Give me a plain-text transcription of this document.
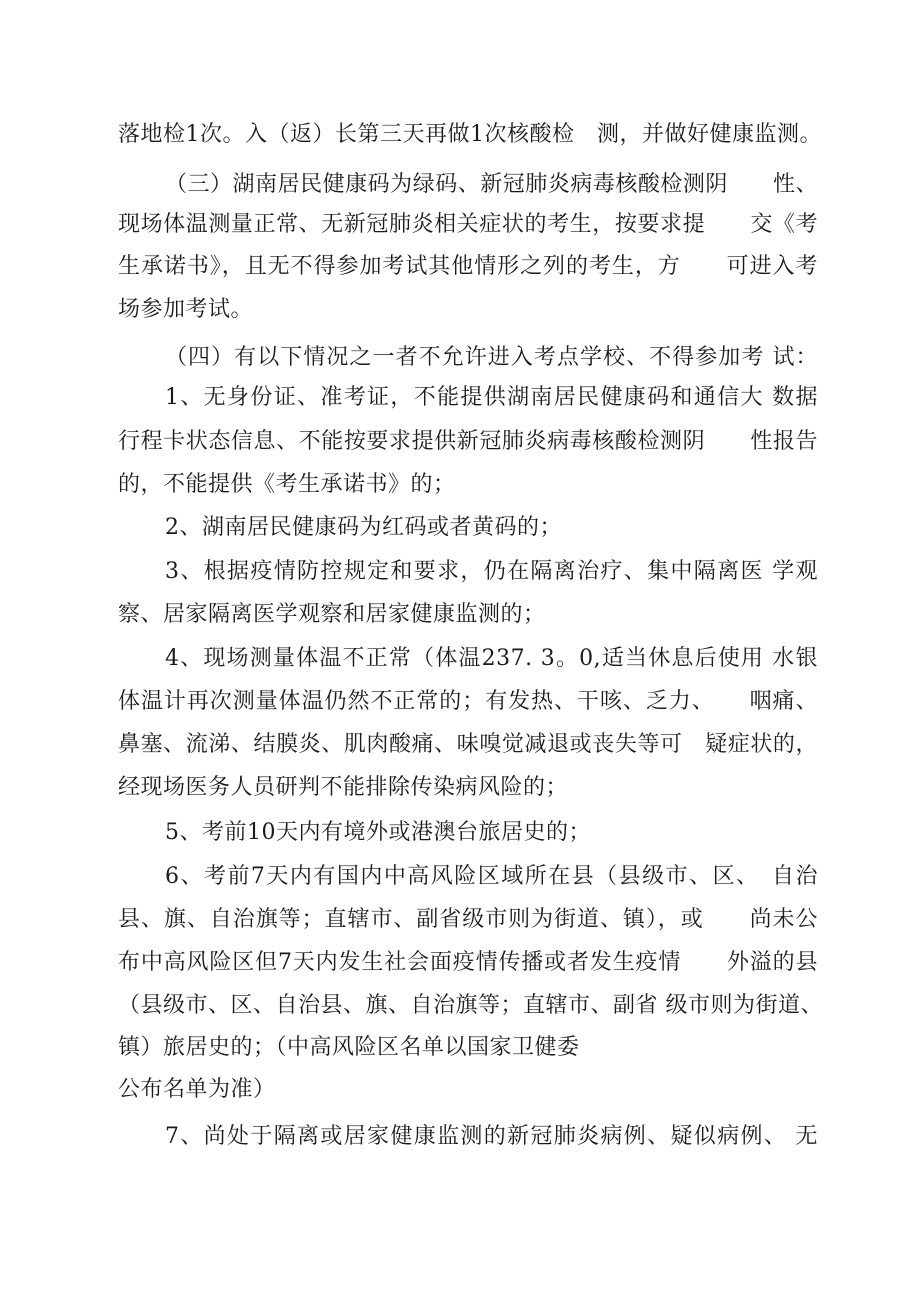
落地检1次。入（返）长第三天再做1次核酸检　测，并做好健康监测。
（三）湖南居民健康码为绿码、新冠肺炎病毒核酸检测阴　　性、
现场体温测量正常、无新冠肺炎相关症状的考生，按要求提　　交《考
生承诺书》，且无不得参加考试其他情形之列的考生，方　　可进入考
场参加考试。
（四）有以下情况之一者不允许进入考点学校、不得参加考 试：
1、无身份证、准考证，不能提供湖南居民健康码和通信大 数据
行程卡状态信息、不能按要求提供新冠肺炎病毒核酸检测阴　　性报告
的，不能提供《考生承诺书》的；
2、湖南居民健康码为红码或者黄码的；
3、根据疫情防控规定和要求，仍在隔离治疗、集中隔离医 学观
察、居家隔离医学观察和居家健康监测的；
4、现场测量体温不正常（体温237. 3。0,适当休息后使用 水银
体温计再次测量体温仍然不正常的；有发热、干咳、乏力、　　咽痛、
鼻塞、流涕、结膜炎、肌肉酸痛、味嗅觉减退或丧失等可　疑症状的，
经现场医务人员研判不能排除传染病风险的；
5、考前10天内有境外或港澳台旅居史的；
6、考前7天内有国内中高风险区域所在县（县级市、区、　自治
县、旗、自治旗等；直辖市、副省级市则为街道、镇），或　　尚未公
布中高风险区但7天内发生社会面疫情传播或者发生疫情　　外溢的县
（县级市、区、自治县、旗、自治旗等；直辖市、副省 级市则为街道、
镇）旅居史的；（中高风险区名单以国家卫健委
公布名单为准）
7、尚处于隔离或居家健康监测的新冠肺炎病例、疑似病例、 无
